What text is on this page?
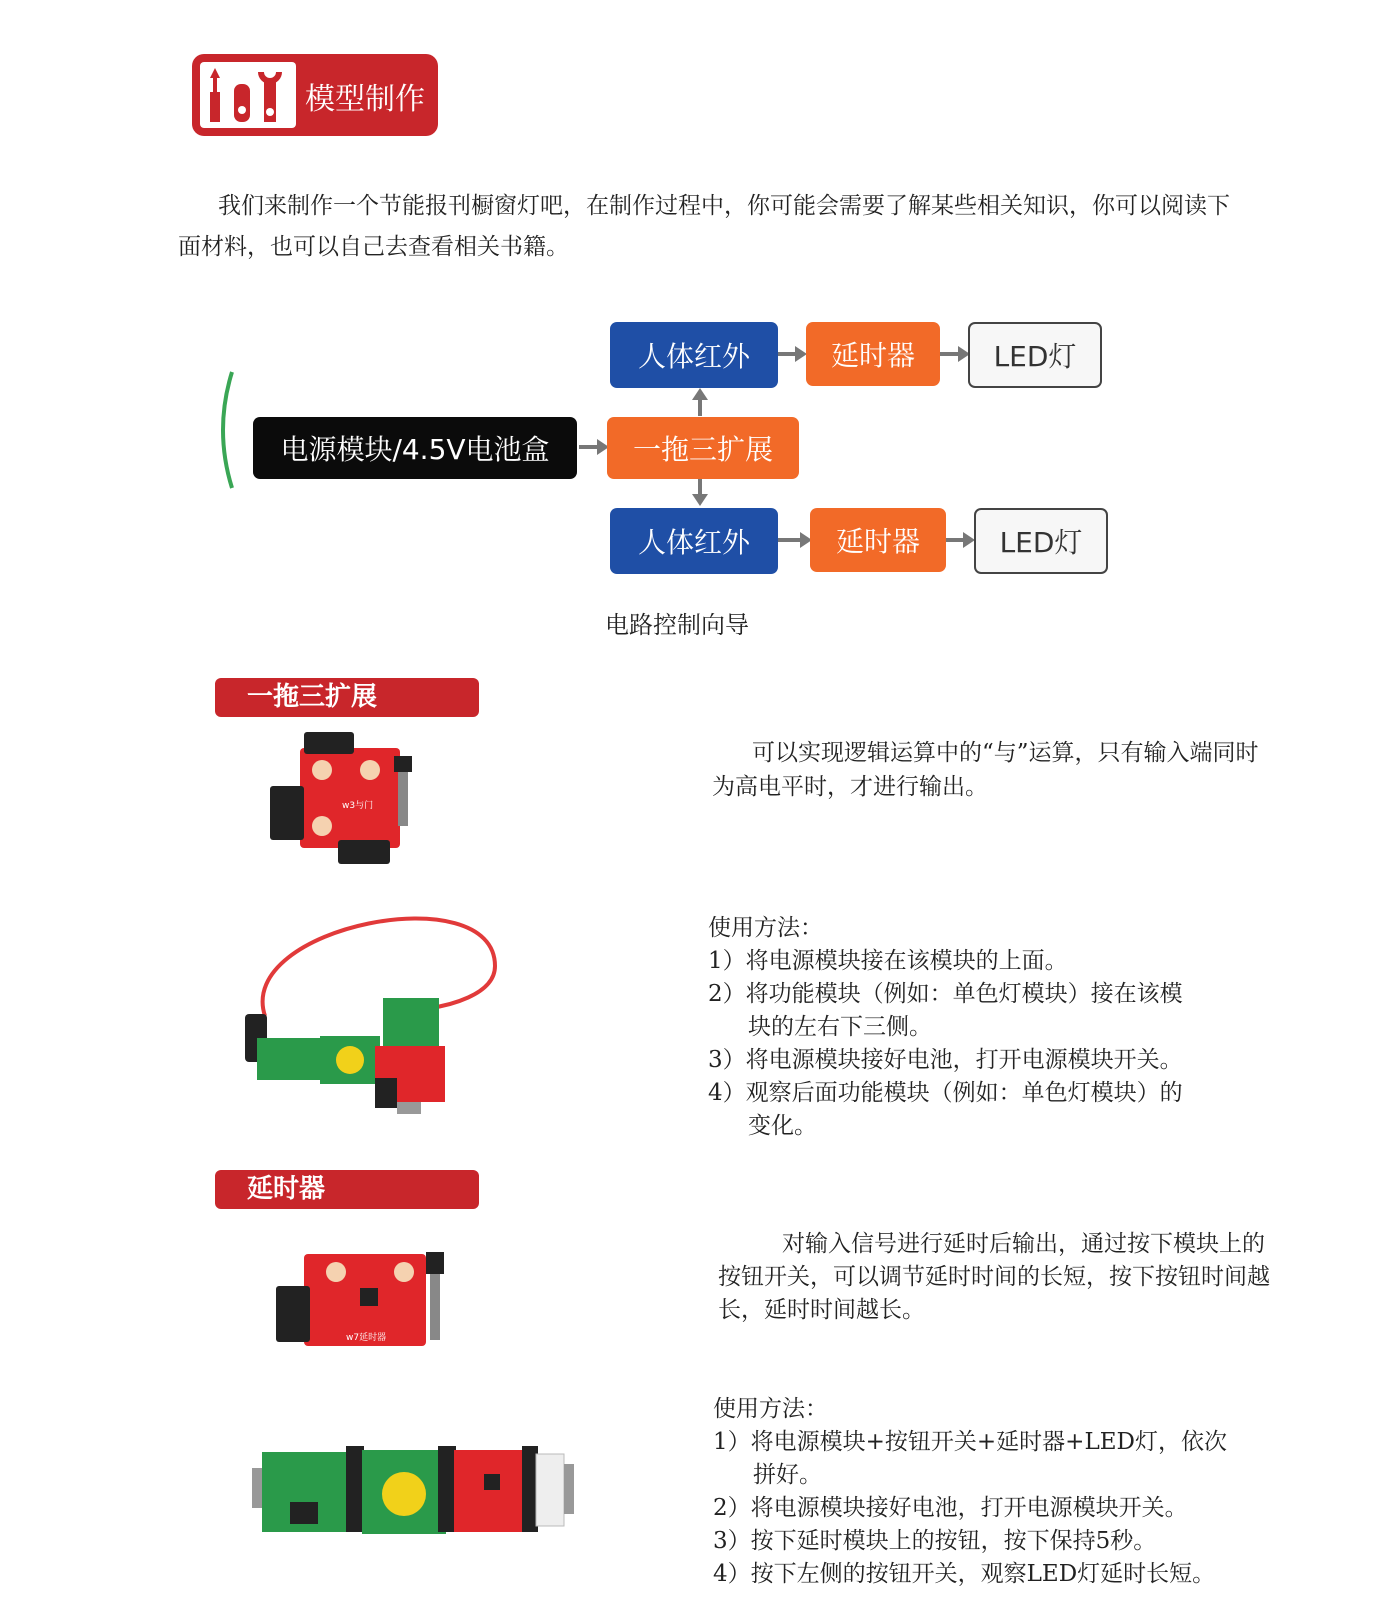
模型制作
我们来制作一个节能报刊橱窗灯吧，在制作过程中，你可能会需要了解某些相关知识，你可以阅读下面材料，也可以自己去查看相关书籍。
人体红外	延时器	LED灯
电源模块/4.5V电池盒	一拖三扩展
人体红外	延时器	LED灯
电路控制向导
一拖三扩展
w3与门
可以实现逻辑运算中的“与”运算，只有输入端同时为高电平时，才进行输出。
使用方法：
1）将电源模块接在该模块的上面。
2）将功能模块（例如：单色灯模块）接在该模
块的左右下三侧。
3）将电源模块接好电池，打开电源模块开关。
4）观察后面功能模块（例如：单色灯模块）的
变化。
延时器
w7延时器
对输入信号进行延时后输出，通过按下模块上的按钮开关，可以调节延时时间的长短，按下按钮时间越长，延时时间越长。
使用方法：
1）将电源模块+按钮开关+延时器+LED灯，依次
拼好。
2）将电源模块接好电池，打开电源模块开关。
3）按下延时模块上的按钮，按下保持5秒。
4）按下左侧的按钮开关，观察LED灯延时长短。
